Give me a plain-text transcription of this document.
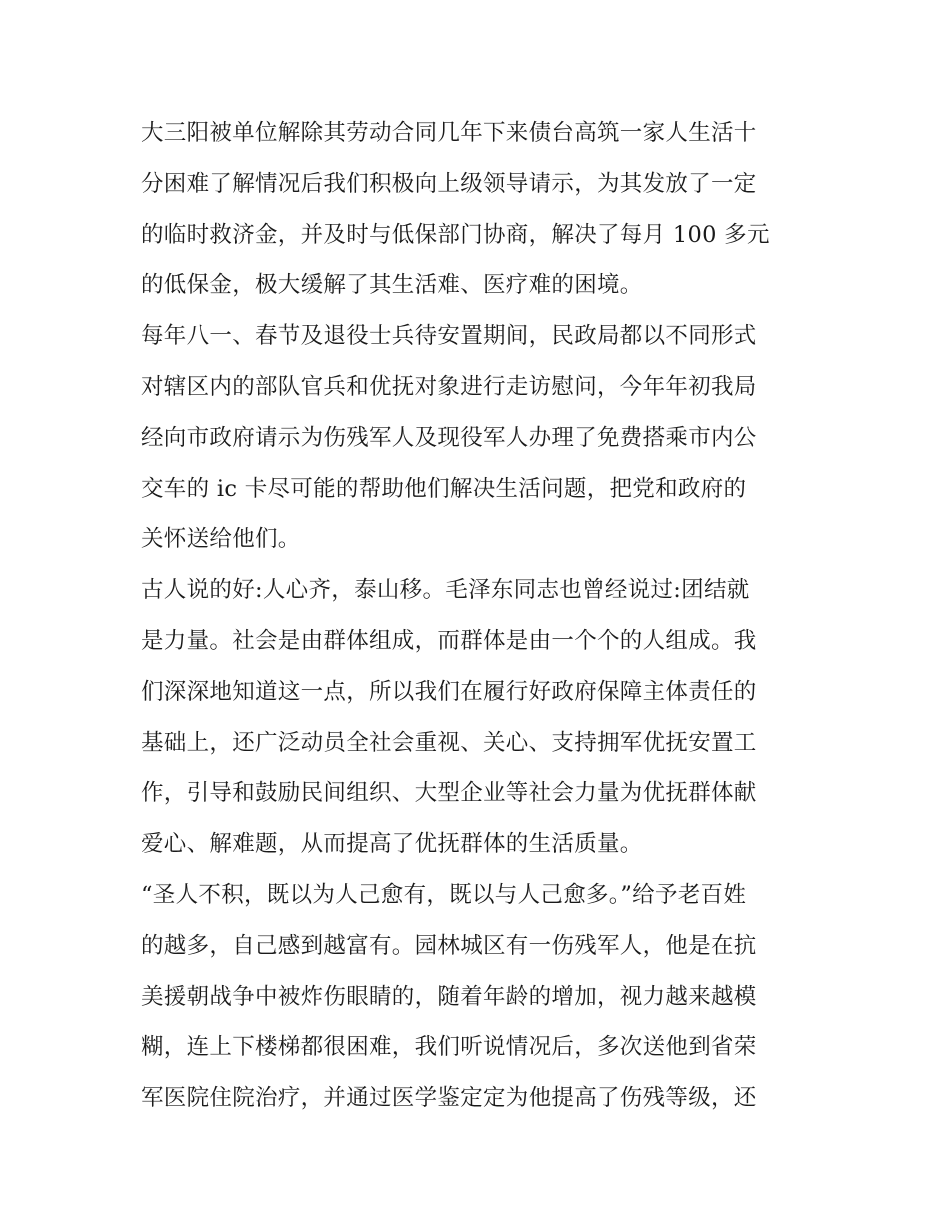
大三阳被单位解除其劳动合同几年下来债台高筑一家人生活十
分困难了解情况后我们积极向上级领导请示，为其发放了一定
的临时救济金，并及时与低保部门协商，解决了每月 100 多元
的低保金，极大缓解了其生活难、医疗难的困境。
每年八一、春节及退役士兵待安置期间，民政局都以不同形式
对辖区内的部队官兵和优抚对象进行走访慰问，今年年初我局
经向市政府请示为伤残军人及现役军人办理了免费搭乘市内公
交车的 ic 卡尽可能的帮助他们解决生活问题，把党和政府的
关怀送给他们。
古人说的好:人心齐，泰山移。毛泽东同志也曾经说过:团结就
是力量。社会是由群体组成，而群体是由一个个的人组成。我
们深深地知道这一点，所以我们在履行好政府保障主体责任的
基础上，还广泛动员全社会重视、关心、支持拥军优抚安置工
作，引导和鼓励民间组织、大型企业等社会力量为优抚群体献
爱心、解难题，从而提高了优抚群体的生活质量。
“圣人不积，既以为人己愈有，既以与人己愈多。”给予老百姓
的越多，自己感到越富有。园林城区有一伤残军人，他是在抗
美援朝战争中被炸伤眼睛的，随着年龄的增加，视力越来越模
糊，连上下楼梯都很困难，我们听说情况后，多次送他到省荣
军医院住院治疗，并通过医学鉴定定为他提高了伤残等级，还
